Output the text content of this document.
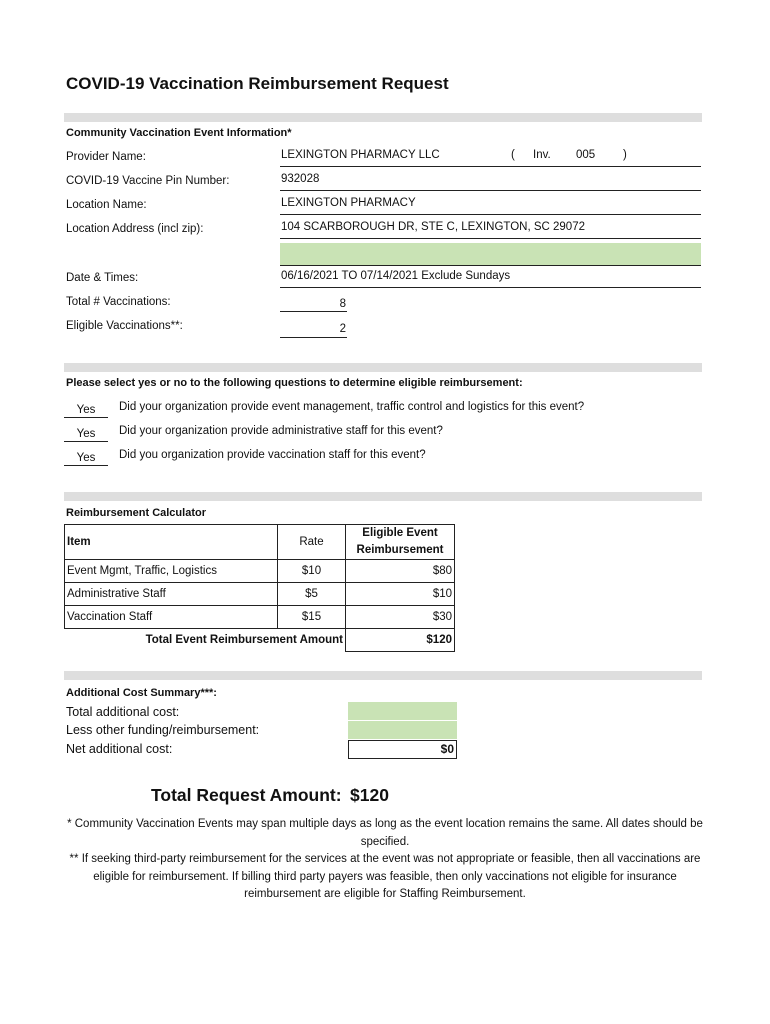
COVID-19 Vaccination Reimbursement Request
Community Vaccination Event Information*
Provider Name:	LEXINGTON PHARMACY LLC	( Inv. 005 )
COVID-19 Vaccine Pin Number:	932028
Location Name:	LEXINGTON PHARMACY
Location Address (incl zip):	104 SCARBOROUGH DR, STE C, LEXINGTON, SC 29072
Date & Times:	06/16/2021 TO 07/14/2021 Exclude Sundays
Total # Vaccinations:	8
Eligible Vaccinations**:	2
Please select yes or no to the following questions to determine eligible reimbursement:
Yes	Did your organization provide event management, traffic control and logistics for this event?
Yes	Did your organization provide administrative staff for this event?
Yes	Did you organization provide vaccination staff for this event?
Reimbursement Calculator
Item	Rate	Eligible Event
Reimbursement
Event Mgmt, Traffic, Logistics	$10	$80
Administrative Staff	$5	$10
Vaccination Staff	$15	$30
Total Event Reimbursement Amount		$120
Additional Cost Summary***:
Total additional cost:
Less other funding/reimbursement:
Net additional cost:	$0
Total Request Amount: $120
* Community Vaccination Events may span multiple days as long as the event location remains the same. All dates should be specified.
** If seeking third-party reimbursement for the services at the event was not appropriate or feasible, then all vaccinations are eligible for reimbursement. If billing third party payers was feasible, then only vaccinations not eligible for insurance reimbursement are eligible for Staffing Reimbursement.
